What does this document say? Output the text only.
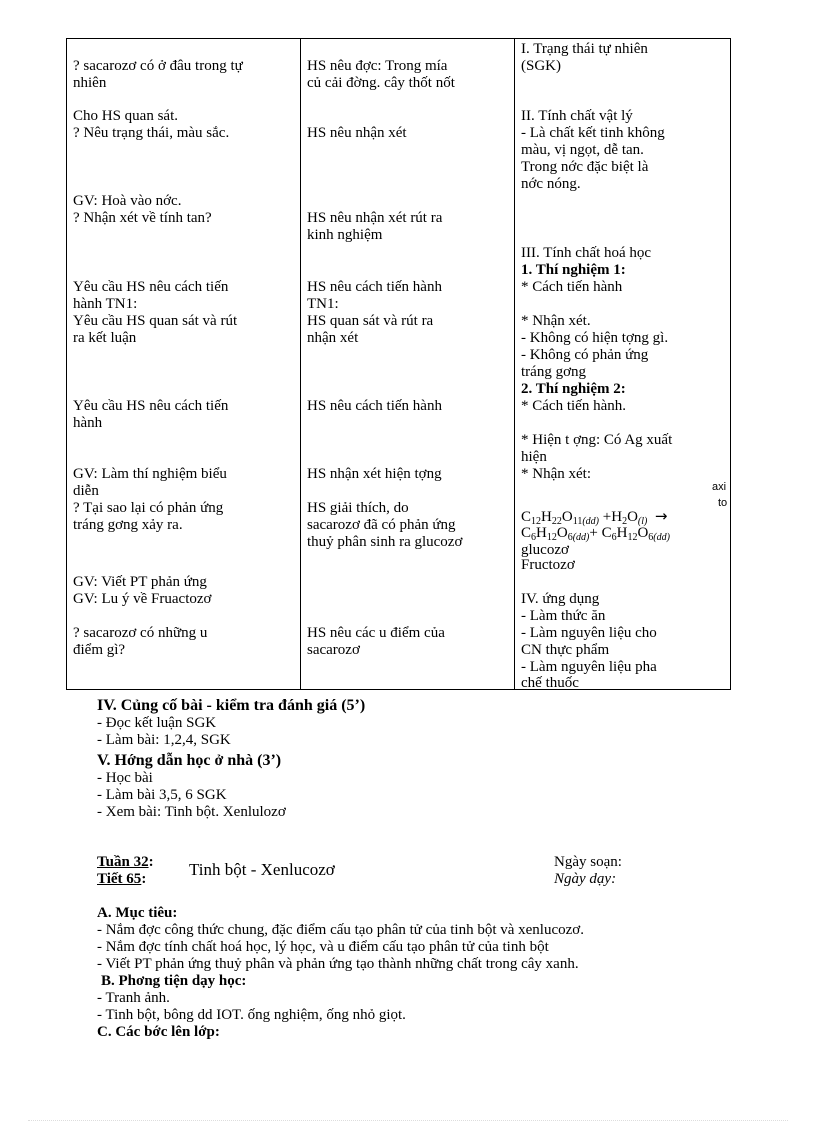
? sacarozơ có ở đâu trong tự
nhiên
Cho HS quan sát.
? Nêu trạng thái, màu sắc.
GV: Hoà vào nớc.
? Nhận xét về tính tan?
Yêu cầu HS nêu cách tiến
hành TN1:
Yêu cầu HS quan sát và rút
ra kết luận
Yêu cầu HS nêu cách tiến
hành
GV: Làm thí nghiệm biểu
diễn
? Tại sao lại có phản ứng
tráng gơng xảy ra.
GV: Viết PT phản ứng
GV: Lu ý về Fruactozơ
? sacarozơ có những u
điểm gì?
HS nêu đợc: Trong mía
củ cải đờng. cây thốt nốt
HS nêu nhận xét
HS nêu nhận xét rút ra
kinh nghiệm
HS nêu cách tiến hành
TN1:
HS quan sát và rút ra
nhận xét
HS nêu cách tiến hành
HS nhận xét hiện tợng
HS giải thích, do
sacarozơ đã có phản ứng
thuỷ phân sinh ra glucozơ
HS nêu các u điểm của
sacarozơ
I. Trạng thái tự nhiên
(SGK)
II. Tính chất vật lý
- Là chất kết tinh không
màu, vị ngọt, dễ tan.
Trong nớc đặc biệt là
nớc nóng.
III. Tính chất hoá học
1. Thí nghiệm 1:
* Cách tiến hành
* Nhận xét.
- Không có hiện tợng gì.
- Không có phản ứng
tráng gơng
2. Thí nghiệm 2:
* Cách tiến hành.
* Hiện t ợng: Có Ag xuất
hiện
* Nhận xét:
axi
to
$C_{12}H_{22}O_{11(dd)} +H_2O_{(l)}$ →
$C_6H_{12}O_{6(dd)}+ C_6H_{12}O_{6(dd)}$
glucozơ
Fructozơ
IV. ứng dụng
- Làm thức ăn
- Làm nguyên liệu cho
CN thực phẩm
- Làm nguyên liệu pha
chế thuốc
IV. Củng cố bài - kiểm tra đánh giá (5’)
- Đọc kết luận SGK
- Làm bài: 1,2,4, SGK
V. Hớng dẫn học ở nhà (3’)
- Học bài
- Làm bài 3,5, 6 SGK
- Xem bài: Tinh bột. Xenlulozơ
Tuần 32:
Tiết 65:	Tinh bột - Xenlucozơ	Ngày soạn:
Ngày dạy:
A. Mục tiêu:
- Nắm đợc công thức chung, đặc điểm cấu tạo phân tử của tinh bột và xenlucozơ.
- Nắm đợc tính chất hoá học, lý học, và u điểm cấu tạo phân tử của tinh bột
- Viết PT phản ứng thuỷ phân và phản ứng tạo thành những chất trong cây xanh.
B. Phơng tiện dạy học:
- Tranh ảnh.
- Tinh bột, bông dd IOT. ống nghiệm, ống nhỏ giọt.
C. Các bớc lên lớp:
